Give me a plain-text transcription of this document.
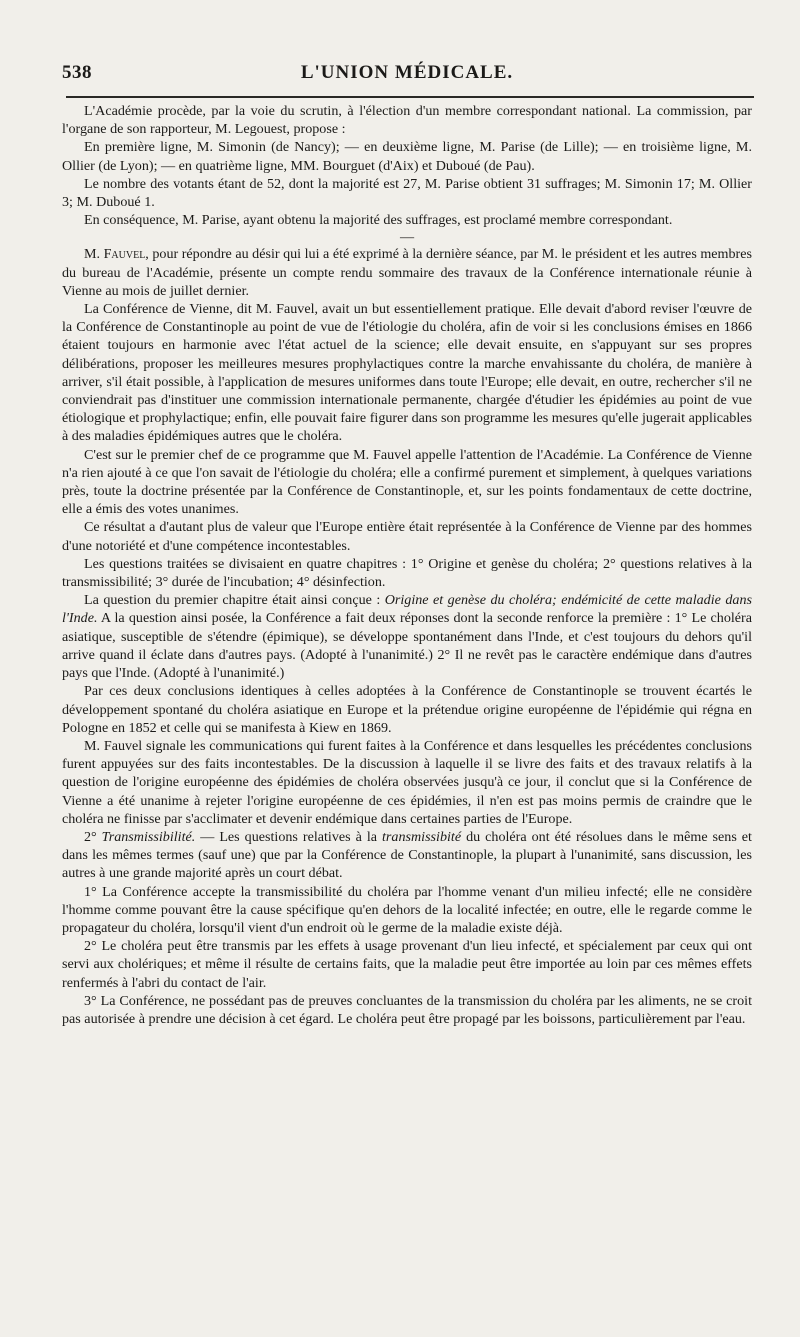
538	L'UNION MÉDICALE.

L'Académie procède, par la voie du scrutin, à l'élection d'un membre correspondant national. La commission, par l'organe de son rapporteur, M. Legouest, propose :

En première ligne, M. Simonin (de Nancy); — en deuxième ligne, M. Parise (de Lille); — en troisième ligne, M. Ollier (de Lyon); — en quatrième ligne, MM. Bourguet (d'Aix) et Duboué (de Pau).

Le nombre des votants étant de 52, dont la majorité est 27, M. Parise obtient 31 suffrages; M. Simonin 17; M. Ollier 3; M. Duboué 1.

En conséquence, M. Parise, ayant obtenu la majorité des suffrages, est proclamé membre correspondant.

—

M. Fauvel, pour répondre au désir qui lui a été exprimé à la dernière séance, par M. le président et les autres membres du bureau de l'Académie, présente un compte rendu sommaire des travaux de la Conférence internationale réunie à Vienne au mois de juillet dernier.

La Conférence de Vienne, dit M. Fauvel, avait un but essentiellement pratique. Elle devait d'abord reviser l'œuvre de la Conférence de Constantinople au point de vue de l'étiologie du choléra, afin de voir si les conclusions émises en 1866 étaient toujours en harmonie avec l'état actuel de la science; elle devait ensuite, en s'appuyant sur ses propres délibérations, proposer les meilleures mesures prophylactiques contre la marche envahissante du choléra, de manière à arriver, s'il était possible, à l'application de mesures uniformes dans toute l'Europe; elle devait, en outre, rechercher s'il ne conviendrait pas d'instituer une commission internationale permanente, chargée d'étudier les épidémies au point de vue étiologique et prophylactique; enfin, elle pouvait faire figurer dans son programme les mesures qu'elle jugerait applicables à des maladies épidémiques autres que le choléra.

C'est sur le premier chef de ce programme que M. Fauvel appelle l'attention de l'Académie. La Conférence de Vienne n'a rien ajouté à ce que l'on savait de l'étiologie du choléra; elle a confirmé purement et simplement, à quelques variations près, toute la doctrine présentée par la Conférence de Constantinople, et, sur les points fondamentaux de cette doctrine, elle a émis des votes unanimes.

Ce résultat a d'autant plus de valeur que l'Europe entière était représentée à la Conférence de Vienne par des hommes d'une notoriété et d'une compétence incontestables.

Les questions traitées se divisaient en quatre chapitres : 1° Origine et genèse du choléra; 2° questions relatives à la transmissibilité; 3° durée de l'incubation; 4° désinfection.

La question du premier chapitre était ainsi conçue : Origine et genèse du choléra; endémicité de cette maladie dans l'Inde. A la question ainsi posée, la Conférence a fait deux réponses dont la seconde renforce la première : 1° Le choléra asiatique, susceptible de s'étendre (épimique), se développe spontanément dans l'Inde, et c'est toujours du dehors qu'il arrive quand il éclate dans d'autres pays. (Adopté à l'unanimité.) 2° Il ne revêt pas le caractère endémique dans d'autres pays que l'Inde. (Adopté à l'unanimité.)

Par ces deux conclusions identiques à celles adoptées à la Conférence de Constantinople se trouvent écartés le développement spontané du choléra asiatique en Europe et la prétendue origine européenne de l'épidémie qui régna en Pologne en 1852 et celle qui se manifesta à Kiew en 1869.

M. Fauvel signale les communications qui furent faites à la Conférence et dans lesquelles les précédentes conclusions furent appuyées sur des faits incontestables. De la discussion à laquelle il se livre des faits et des travaux relatifs à la question de l'origine européenne des épidémies de choléra observées jusqu'à ce jour, il conclut que si la Conférence de Vienne a été unanime à rejeter l'origine européenne de ces épidémies, il n'en est pas moins permis de craindre que le choléra ne finisse par s'acclimater et devenir endémique dans certaines parties de l'Europe.

2° Transmissibilité. — Les questions relatives à la transmissibité du choléra ont été résolues dans le même sens et dans les mêmes termes (sauf une) que par la Conférence de Constantinople, la plupart à l'unanimité, sans discussion, les autres à une grande majorité après un court débat.

1° La Conférence accepte la transmissibilité du choléra par l'homme venant d'un milieu infecté; elle ne considère l'homme comme pouvant être la cause spécifique qu'en dehors de la localité infectée; en outre, elle le regarde comme le propagateur du choléra, lorsqu'il vient d'un endroit où le germe de la maladie existe déjà.

2° Le choléra peut être transmis par les effets à usage provenant d'un lieu infecté, et spécialement par ceux qui ont servi aux cholériques; et même il résulte de certains faits, que la maladie peut être importée au loin par ces mêmes effets renfermés à l'abri du contact de l'air.

3° La Conférence, ne possédant pas de preuves concluantes de la transmission du choléra par les aliments, ne se croit pas autorisée à prendre une décision à cet égard. Le choléra peut être propagé par les boissons, particulièrement par l'eau.
